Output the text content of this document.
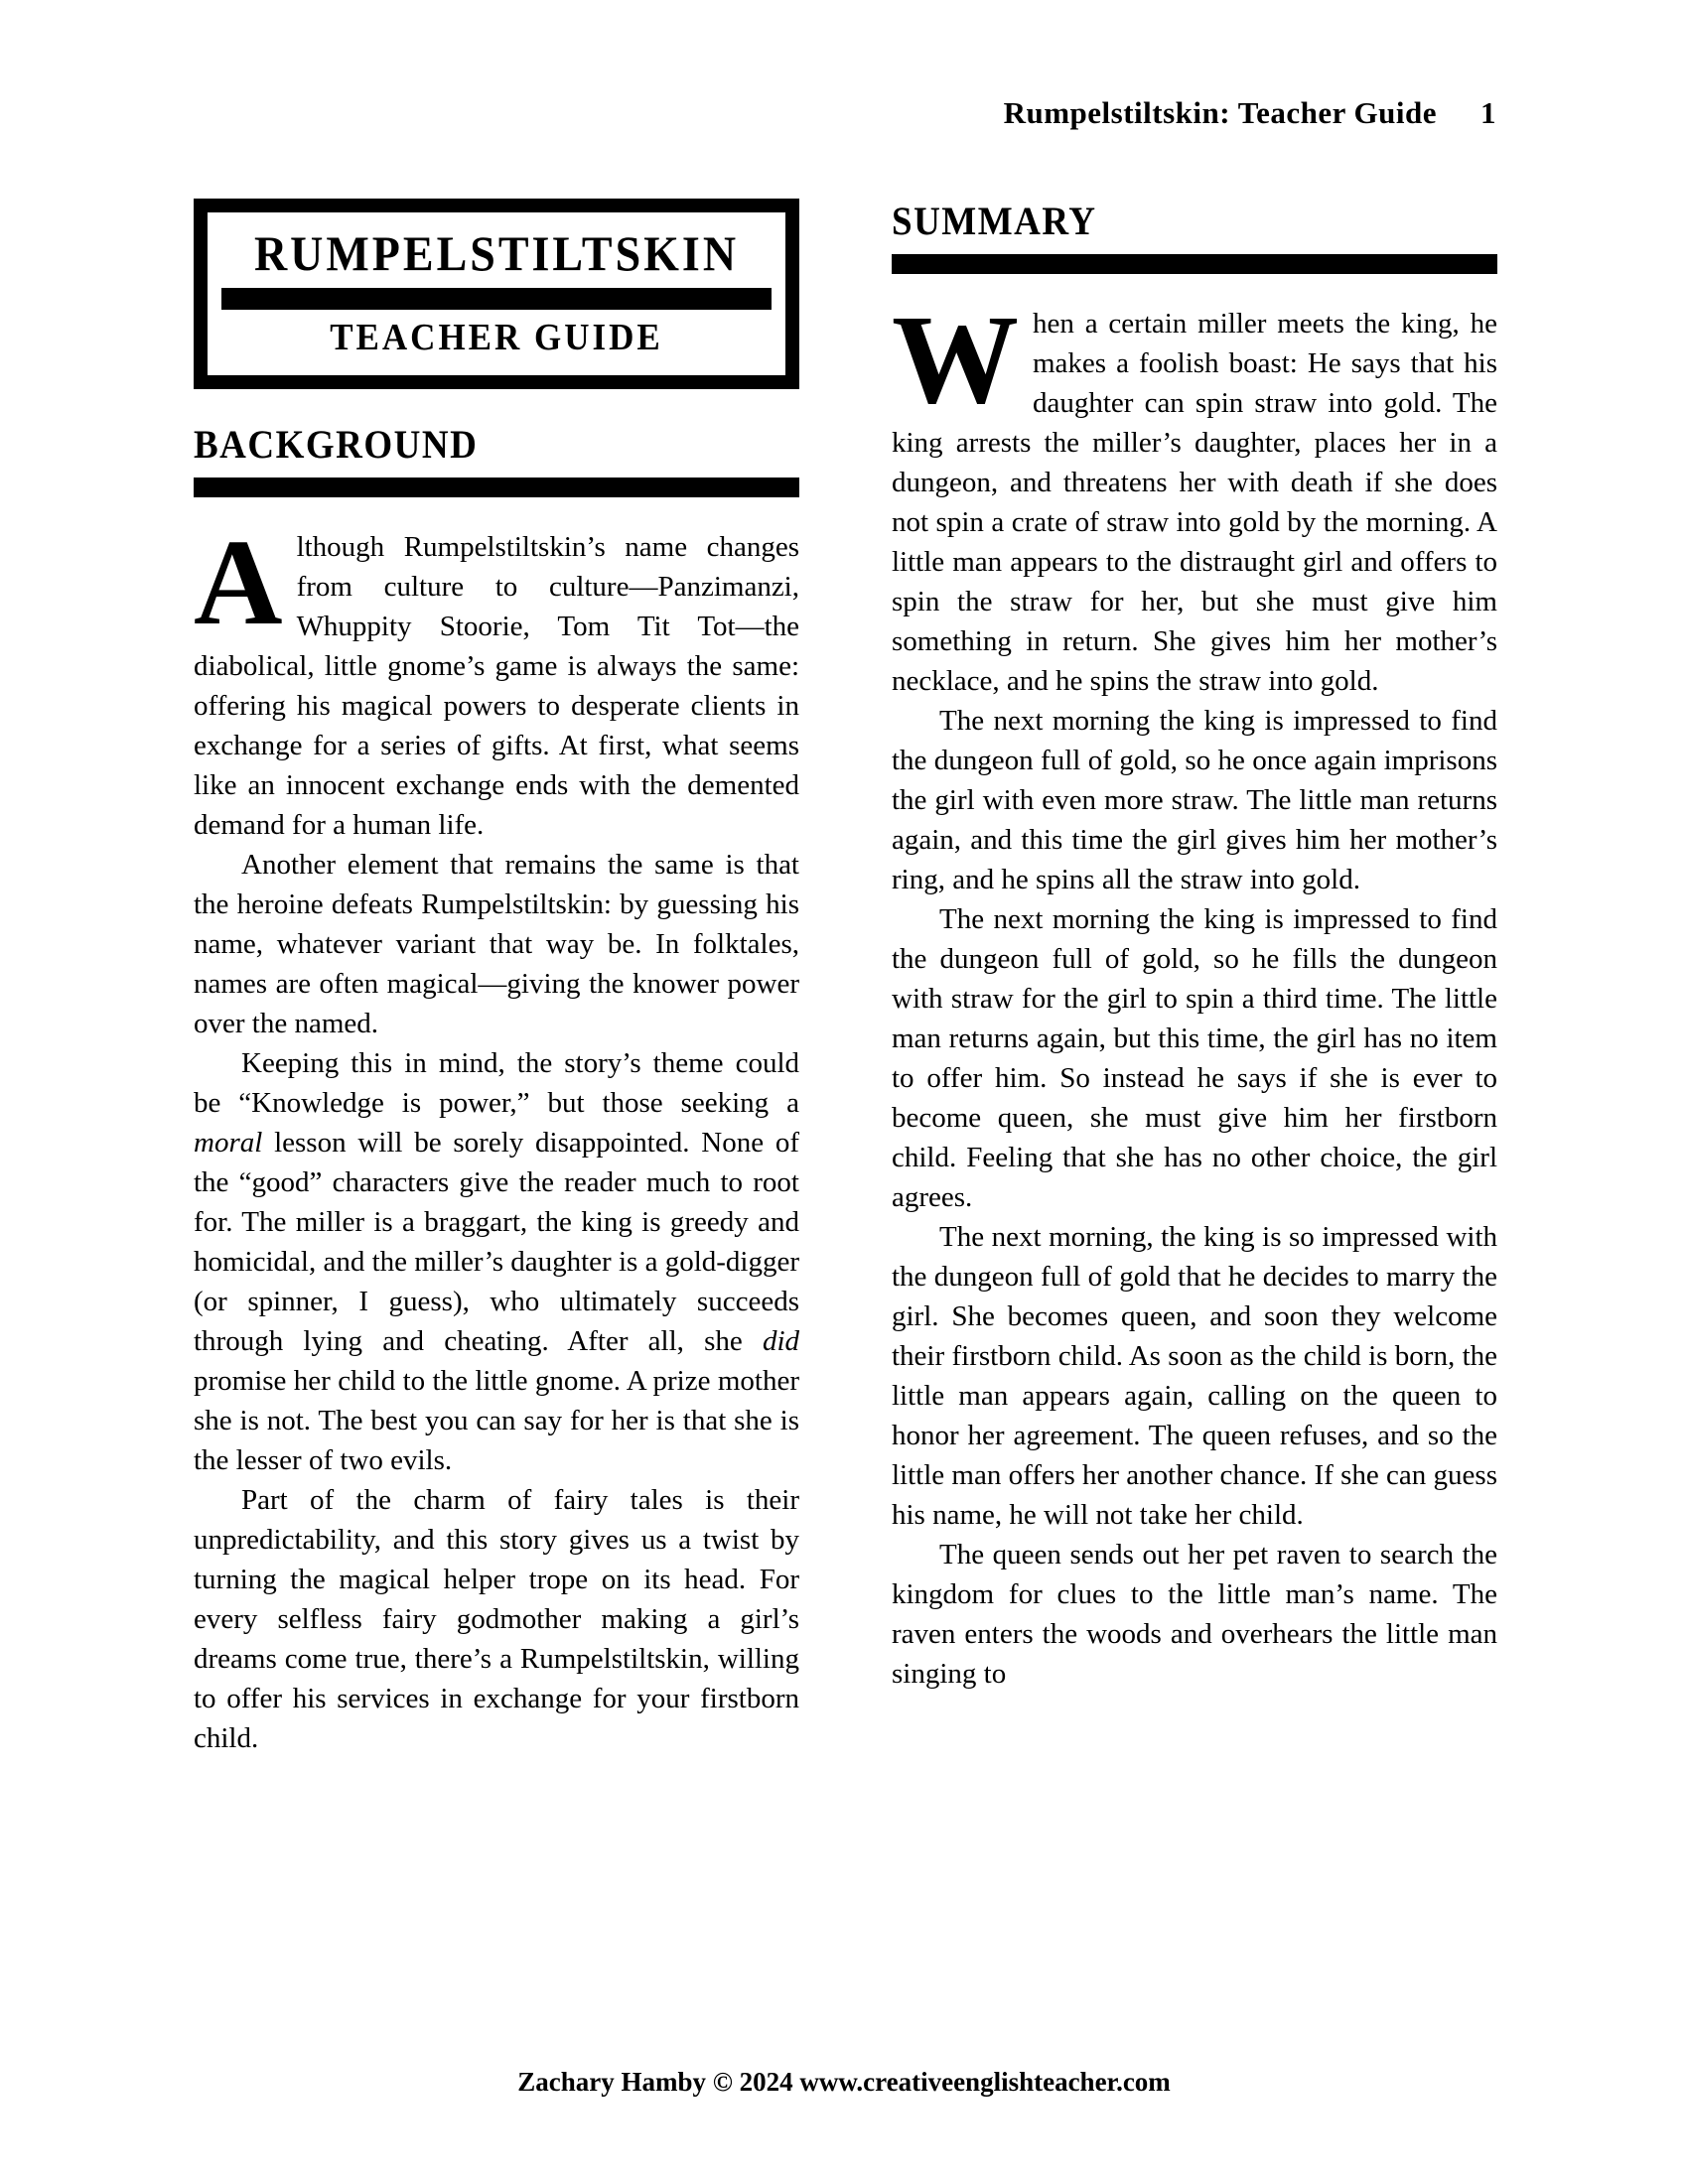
Rumpelstiltskin: Teacher Guide 1
RUMPELSTILTSKIN
TEACHER GUIDE
BACKGROUND

Although Rumpelstiltskin’s name changes from culture to culture—Panzimanzi, Whuppity Stoorie, Tom Tit Tot—the diabolical, little gnome’s game is always the same: offering his magical powers to desperate clients in exchange for a series of gifts. At first, what seems like an innocent exchange ends with the demented demand for a human life.

Another element that remains the same is that the heroine defeats Rumpelstiltskin: by guessing his name, whatever variant that way be. In folktales, names are often magical—giving the knower power over the named.

Keeping this in mind, the story’s theme could be “Knowledge is power,” but those seeking a moral lesson will be sorely disappointed. None of the “good” characters give the reader much to root for. The miller is a braggart, the king is greedy and homicidal, and the miller’s daughter is a gold-digger (or spinner, I guess), who ultimately succeeds through lying and cheating. After all, she did promise her child to the little gnome. A prize mother she is not. The best you can say for her is that she is the lesser of two evils.

Part of the charm of fairy tales is their unpredictability, and this story gives us a twist by turning the magical helper trope on its head. For every selfless fairy godmother making a girl’s dreams come true, there’s a Rumpelstiltskin, willing to offer his services in exchange for your firstborn child.

SUMMARY

When a certain miller meets the king, he makes a foolish boast: He says that his daughter can spin straw into gold. The king arrests the miller’s daughter, places her in a dungeon, and threatens her with death if she does not spin a crate of straw into gold by the morning. A little man appears to the distraught girl and offers to spin the straw for her, but she must give him something in return. She gives him her mother’s necklace, and he spins the straw into gold.

The next morning the king is impressed to find the dungeon full of gold, so he once again imprisons the girl with even more straw. The little man returns again, and this time the girl gives him her mother’s ring, and he spins all the straw into gold.

The next morning the king is impressed to find the dungeon full of gold, so he fills the dungeon with straw for the girl to spin a third time. The little man returns again, but this time, the girl has no item to offer him. So instead he says if she is ever to become queen, she must give him her firstborn child. Feeling that she has no other choice, the girl agrees.

The next morning, the king is so impressed with the dungeon full of gold that he decides to marry the girl. She becomes queen, and soon they welcome their firstborn child. As soon as the child is born, the little man appears again, calling on the queen to honor her agreement. The queen refuses, and so the little man offers her another chance. If she can guess his name, he will not take her child.

The queen sends out her pet raven to search the kingdom for clues to the little man’s name. The raven enters the woods and overhears the little man singing to

Zachary Hamby © 2024 www.creativeenglishteacher.com
